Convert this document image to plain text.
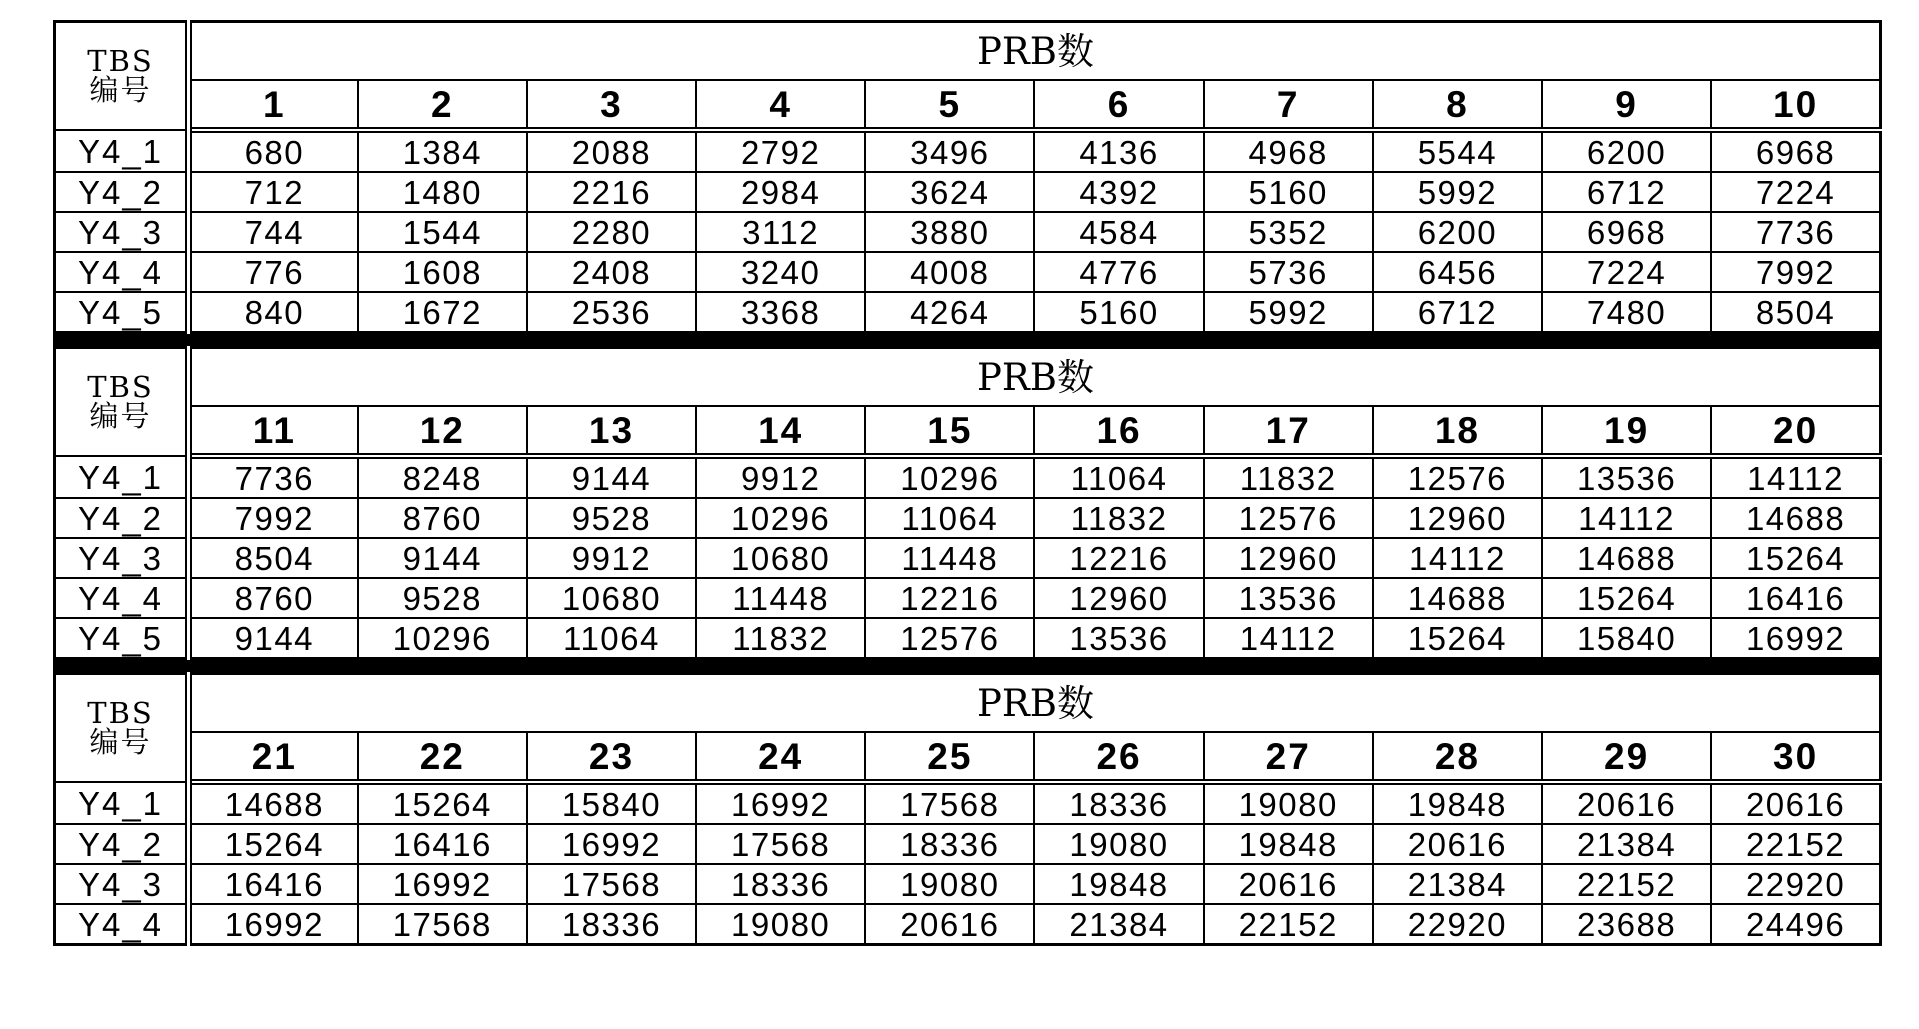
TBS
编号	PRB数									
	1	2	3	4	5	6	7	8	9	10
Y4_1	680	1384	2088	2792	3496	4136	4968	5544	6200	6968
Y4_2	712	1480	2216	2984	3624	4392	5160	5992	6712	7224
Y4_3	744	1544	2280	3112	3880	4584	5352	6200	6968	7736
Y4_4	776	1608	2408	3240	4008	4776	5736	6456	7224	7992
Y4_5	840	1672	2536	3368	4264	5160	5992	6712	7480	8504
TBS
编号	PRB数									
	11	12	13	14	15	16	17	18	19	20
Y4_1	7736	8248	9144	9912	10296	11064	11832	12576	13536	14112
Y4_2	7992	8760	9528	10296	11064	11832	12576	12960	14112	14688
Y4_3	8504	9144	9912	10680	11448	12216	12960	14112	14688	15264
Y4_4	8760	9528	10680	11448	12216	12960	13536	14688	15264	16416
Y4_5	9144	10296	11064	11832	12576	13536	14112	15264	15840	16992
TBS
编号	PRB数									
	21	22	23	24	25	26	27	28	29	30
Y4_1	14688	15264	15840	16992	17568	18336	19080	19848	20616	20616
Y4_2	15264	16416	16992	17568	18336	19080	19848	20616	21384	22152
Y4_3	16416	16992	17568	18336	19080	19848	20616	21384	22152	22920
Y4_4	16992	17568	18336	19080	20616	21384	22152	22920	23688	24496
